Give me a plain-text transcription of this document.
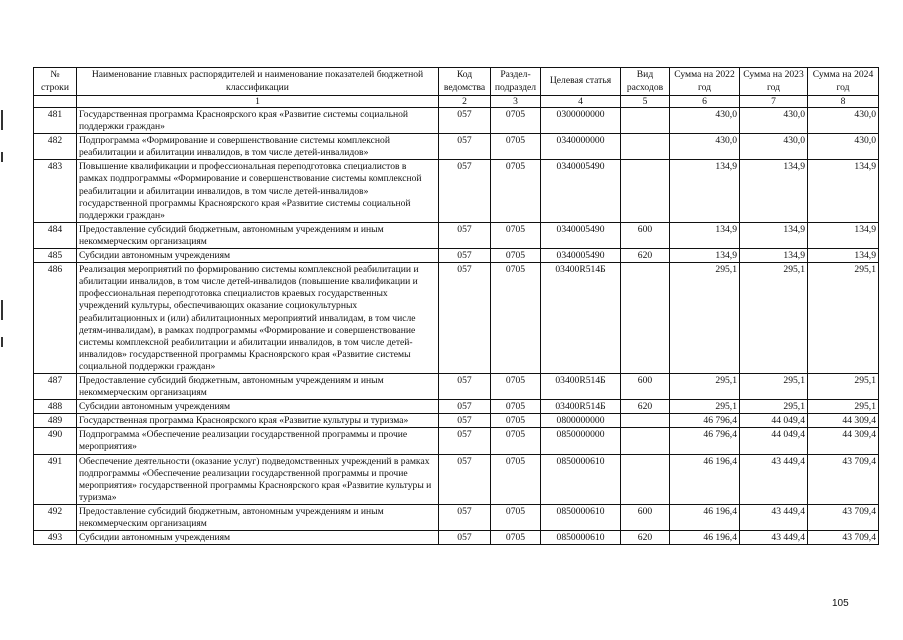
№ строки	Наименование главных распорядителей и наименование показателей бюджетной классификации	Код ведомства	Раздел-подраздел	Целевая статья	Вид расходов	Сумма на 2022 год	Сумма на 2023 год	Сумма на 2024 год
	1	2	3	4	5	6	7	8
481	Государственная программа Красноярского края «Развитие системы социальной поддержки граждан»	057	0705	0300000000		430,0	430,0	430,0
482	Подпрограмма «Формирование и совершенствование системы комплексной реабилитации и абилитации инвалидов, в том числе детей-инвалидов»	057	0705	0340000000		430,0	430,0	430,0
483	Повышение квалификации и профессиональная переподготовка специалистов в рамках подпрограммы «Формирование и совершенствование системы комплексной реабилитации и абилитации инвалидов, в том числе детей-инвалидов» государственной программы Красноярского края «Развитие системы социальной поддержки граждан»	057	0705	0340005490		134,9	134,9	134,9
484	Предоставление субсидий бюджетным, автономным учреждениям и иным некоммерческим организациям	057	0705	0340005490	600	134,9	134,9	134,9
485	Субсидии автономным учреждениям	057	0705	0340005490	620	134,9	134,9	134,9
486	Реализация мероприятий по формированию системы комплексной реабилитации и абилитации инвалидов, в том числе детей-инвалидов (повышение квалификации и профессиональная переподготовка специалистов краевых государственных учреждений культуры, обеспечивающих оказание социокультурных реабилитационных и (или) абилитационных мероприятий инвалидам, в том числе детям-инвалидам), в рамках подпрограммы «Формирование и совершенствование системы комплексной реабилитации и абилитации инвалидов, в том числе детей-инвалидов» государственной программы Красноярского края «Развитие системы социальной поддержки граждан»	057	0705	03400R514Б		295,1	295,1	295,1
487	Предоставление субсидий бюджетным, автономным учреждениям и иным некоммерческим организациям	057	0705	03400R514Б	600	295,1	295,1	295,1
488	Субсидии автономным учреждениям	057	0705	03400R514Б	620	295,1	295,1	295,1
489	Государственная программа Красноярского края «Развитие культуры и туризма»	057	0705	0800000000		46 796,4	44 049,4	44 309,4
490	Подпрограмма «Обеспечение реализации государственной программы и прочие мероприятия»	057	0705	0850000000		46 796,4	44 049,4	44 309,4
491	Обеспечение деятельности (оказание услуг) подведомственных учреждений в рамках подпрограммы «Обеспечение реализации государственной программы и прочие мероприятия» государственной программы Красноярского края «Развитие культуры и туризма»	057	0705	0850000610		46 196,4	43 449,4	43 709,4
492	Предоставление субсидий бюджетным, автономным учреждениям и иным некоммерческим организациям	057	0705	0850000610	600	46 196,4	43 449,4	43 709,4
493	Субсидии автономным учреждениям	057	0705	0850000610	620	46 196,4	43 449,4	43 709,4
105
